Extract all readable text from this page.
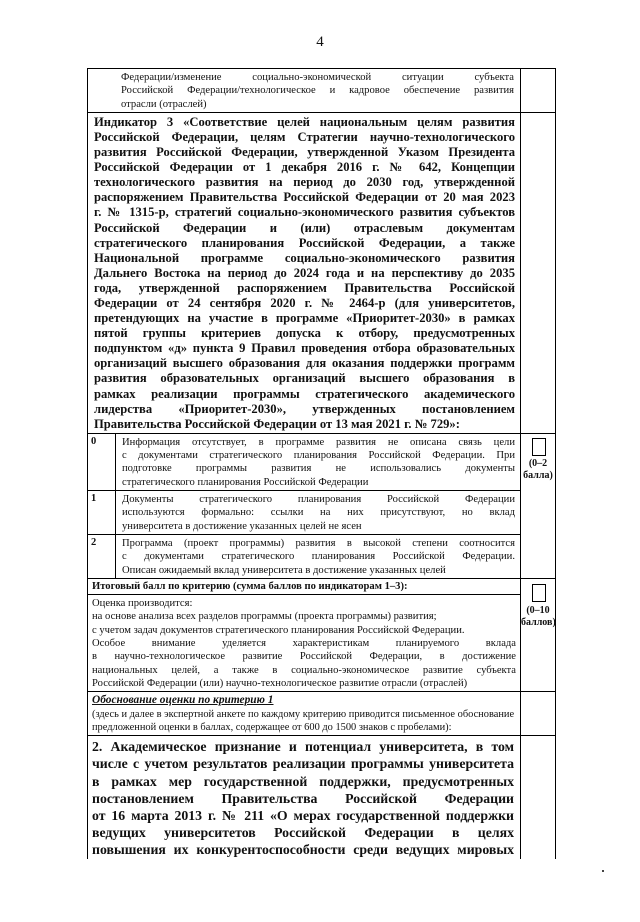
4
Федерации/изменение социально-экономической ситуации субъекта
Российской Федерации/технологическое и кадровое обеспечение развития
отрасли (отраслей)
Индикатор 3 «Соответствие целей национальным целям развития
Российской Федерации, целям Стратегии научно-технологического
развития Российской Федерации, утвержденной Указом Президента
Российской Федерации от 1 декабря 2016 г. № 642, Концепции
технологического развития на период до 2030 год, утвержденной
распоряжением Правительства Российской Федерации от 20 мая 2023
г. № 1315-р, стратегий социально-экономического развития субъектов
Российской Федерации и (или) отраслевым документам
стратегического планирования Российской Федерации, а также
Национальной программе социально-экономического развития
Дальнего Востока на период до 2024 года и на перспективу до 2035
года, утвержденной распоряжением Правительства Российской
Федерации от 24 сентября 2020 г. № 2464-р (для университетов,
претендующих на участие в программе «Приоритет-2030» в рамках
пятой группы критериев допуска к отбору, предусмотренных
подпунктом «д» пункта 9 Правил проведения отбора образовательных
организаций высшего образования для оказания поддержки программ
развития образовательных организаций высшего образования в
рамках реализации программы стратегического академического
лидерства «Приоритет-2030», утвержденных постановлением
Правительства Российской Федерации от 13 мая 2021 г. № 729»:
0	Информация отсутствует, в программе развития не описана связь цели
с документами стратегического планирования Российской Федерации. При
подготовке программы развития не использовались документы
стратегического планирования Российской Федерации
1	Документы стратегического планирования Российской Федерации
используются формально: ссылки на них присутствуют, но вклад
университета в достижение указанных целей не ясен
2	Программа (проект программы) развития в высокой степени соотносится
с документами стратегического планирования Российской Федерации.
Описан ожидаемый вклад университета в достижение указанных целей
(0–2
балла)
Итоговый балл по критерию (сумма баллов по индикаторам 1–3):
Оценка производится:
на основе анализа всех разделов программы (проекта программы) развития;
с учетом задач документов стратегического планирования Российской Федерации.
Особое внимание уделяется характеристикам планируемого вклада
в научно-технологическое развитие Российской Федерации, в достижение
национальных целей, а также в социально-экономическое развитие субъекта
Российской Федерации (или) научно-технологическое развитие отрасли (отраслей)
(0–10
баллов)
Обоснование оценки по критерию 1
(здесь и далее в экспертной анкете по каждому критерию приводится письменное обоснование
предложенной оценки в баллах, содержащее от 600 до 1500 знаков с пробелами):
2. Академическое признание и потенциал университета, в том
числе с учетом результатов реализации программы университета
в рамках мер государственной поддержки, предусмотренных
постановлением Правительства Российской Федерации
от 16 марта 2013 г. № 211 «О мерах государственной поддержки
ведущих университетов Российской Федерации в целях
повышения их конкурентоспособности среди ведущих мировых
